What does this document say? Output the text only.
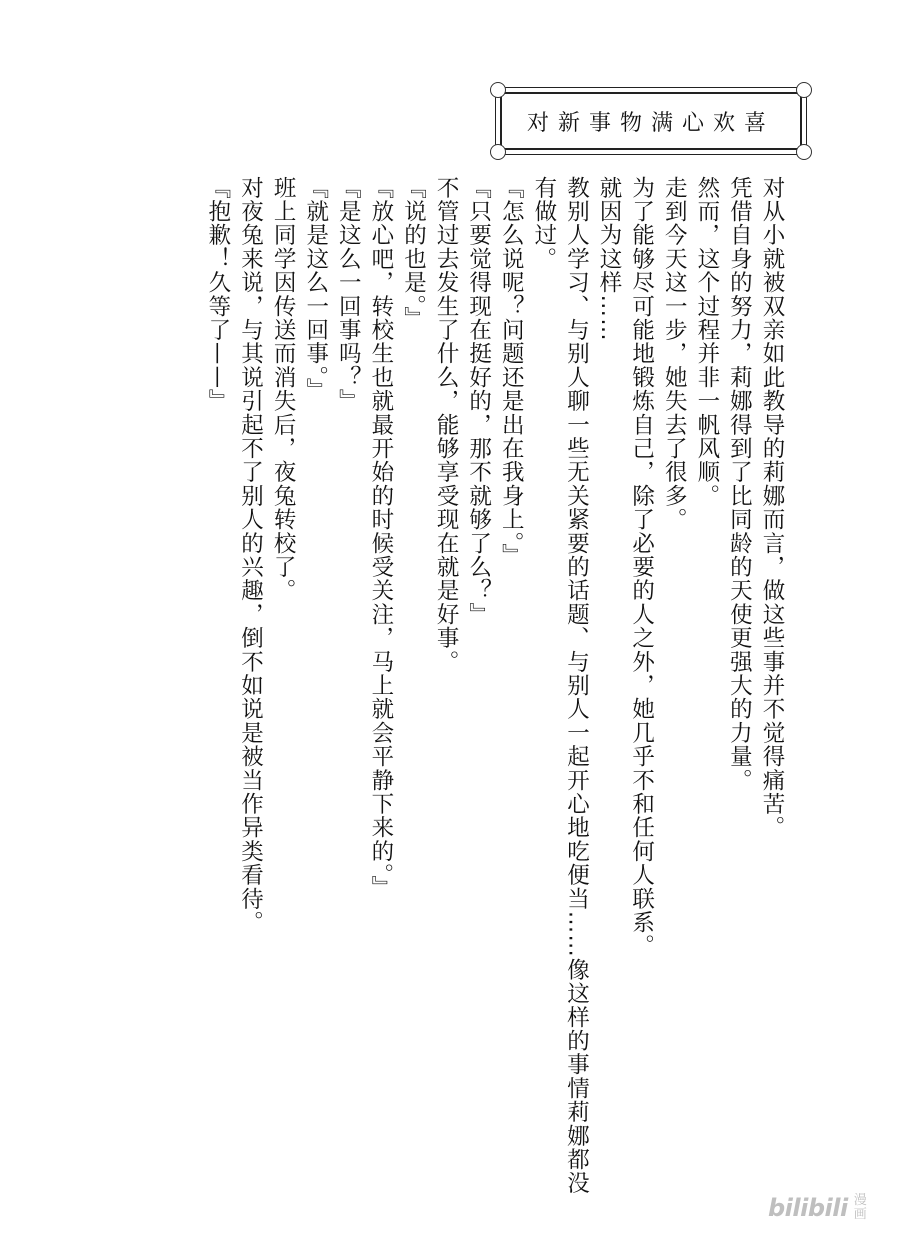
对新事物满心欢喜

对从小就被双亲如此教导的莉娜而言，做这些事并不觉得痛苦。

凭借自身的努力，莉娜得到了比同龄的天使更强大的力量。

然而，这个过程并非一帆风顺。

走到今天这一步，她失去了很多。

为了能够尽可能地锻炼自己，除了必要的人之外，她几乎不和任何人联系。

就因为这样……

教别人学习、与别人聊一些无关紧要的话题、与别人一起开心地吃便当……像这样的事情莉娜都没有做过。

『怎么说呢？问题还是出在我身上。』

『只要觉得现在挺好的，那不就够了么？』

不管过去发生了什么，能够享受现在就是好事。

『说的也是。』

『放心吧，转校生也就最开始的时候受关注，马上就会平静下来的。』

『是这么一回事吗？』

『就是这么一回事。』

班上同学因传送而消失后，夜兔转校了。

对夜兔来说，与其说引起不了别人的兴趣，倒不如说是被当作异类看待。

『抱歉！久等了——』

bilibili 漫
画
